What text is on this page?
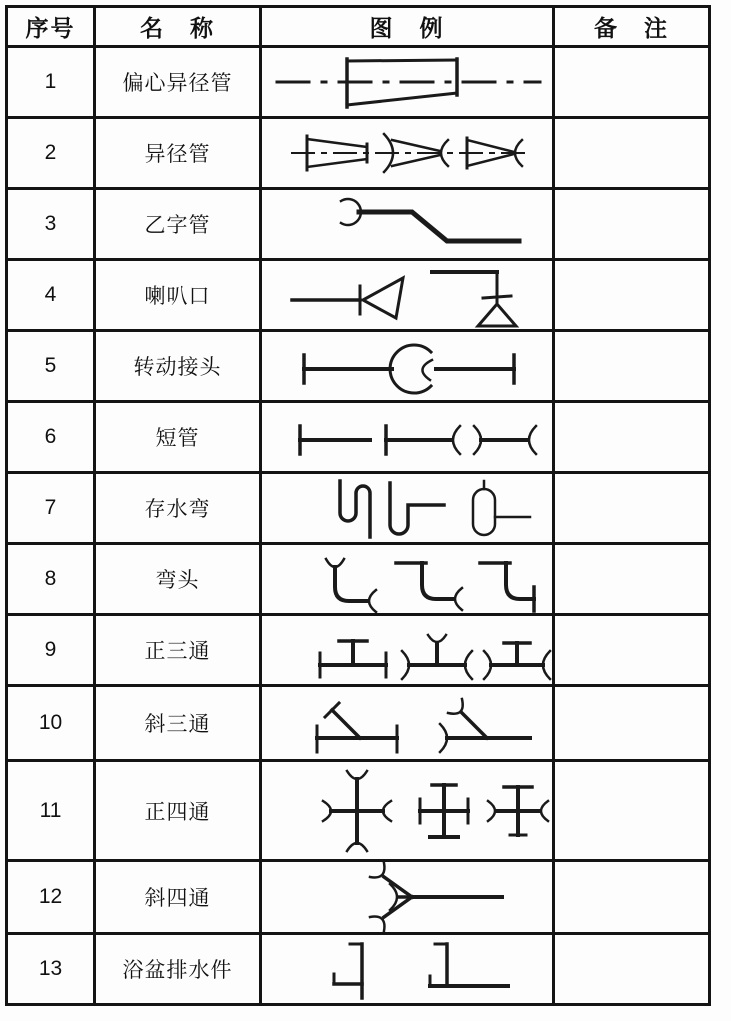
序号	名　称	图　例	备　注
1	偏心异径管	

2	异径管	

3	乙字管	

4	喇叭口	

5	转动接头	

6	短管	

7	存水弯	

8	弯头	

9	正三通	

10	斜三通	

11	正四通	

12	斜四通	

13	浴盆排水件	
